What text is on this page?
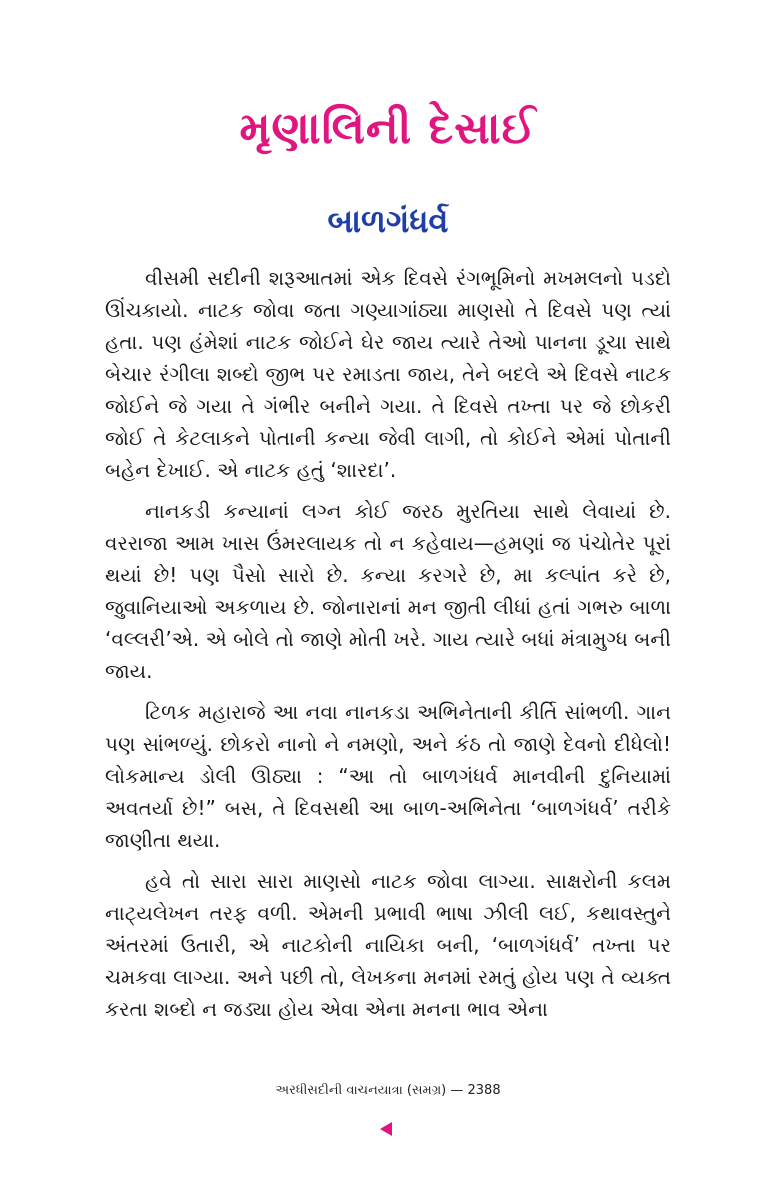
મૃણાલિની દેસાઈ
બાળગંધર્વ

વીસમી સદીની શરૂઆતમાં એક દિવસે રંગભૂમિનો મખમલનો પડદો ઊંચકાયો. નાટક જોવા જતા ગણ્યાગાંઠ્યા માણસો તે દિવસે પણ ત્યાં હતા. પણ હંમેશાં નાટક જોઈને ઘેર જાય ત્યારે તેઓ પાનના ડૂચા સાથે બેચાર રંગીલા શબ્દો જીભ પર રમાડતા જાય, તેને બદલે એ દિવસે નાટક જોઈને જે ગયા તે ગંભીર બનીને ગયા. તે દિવસે તખ્તા પર જે છોકરી જોઈ તે કેટલાકને પોતાની કન્યા જેવી લાગી, તો કોઈને એમાં પોતાની બહેન દેખાઈ. એ નાટક હતું ‘શારદા’.

નાનકડી કન્યાનાં લગ્ન કોઈ જરઠ મુરતિયા સાથે લેવાયાં છે. વરરાજા આમ ખાસ ઉંમરલાયક તો ન કહેવાય—હમણાં જ પંચોતેર પૂરાં થયાં છે! પણ પૈસો સારો છે. કન્યા કરગરે છે, મા કલ્પાંત કરે છે, જુવાનિયાઓ અકળાય છે. જોનારાનાં મન જીતી લીધાં હતાં ગભરુ બાળા ‘વલ્લરી’એ. એ બોલે તો જાણે મોતી ખરે. ગાય ત્યારે બધાં મંત્રામુગ્ધ બની જાય.

ટિળક મહારાજે આ નવા નાનકડા અભિનેતાની કીર્તિ સાંભળી. ગાન પણ સાંભળ્યું. છોકરો નાનો ને નમણો, અને કંઠ તો જાણે દેવનો દીધેલો! લોકમાન્ય ડોલી ઊઠ્યા : “આ તો બાળગંધર્વ માનવીની દુનિયામાં અવતર્યા છે!” બસ, તે દિવસથી આ બાળ-અભિનેતા ‘બાળગંધર્વ’ તરીકે જાણીતા થયા.

હવે તો સારા સારા માણસો નાટક જોવા લાગ્યા. સાક્ષરોની કલમ નાટ્યલેખન તરફ વળી. એમની પ્રભાવી ભાષા ઝીલી લઈ, કથાવસ્તુને અંતરમાં ઉતારી, એ નાટકોની નાયિકા બની, ‘બાળગંધર્વ’ તખ્તા પર ચમકવા લાગ્યા. અને પછી તો, લેખકના મનમાં રમતું હોય પણ તે વ્યક્ત કરતા શબ્દો ન જડ્યા હોય એવા એના મનના ભાવ એના

અરધીસદીની વાચનયાત્રા (સમગ્ર) — 2388
